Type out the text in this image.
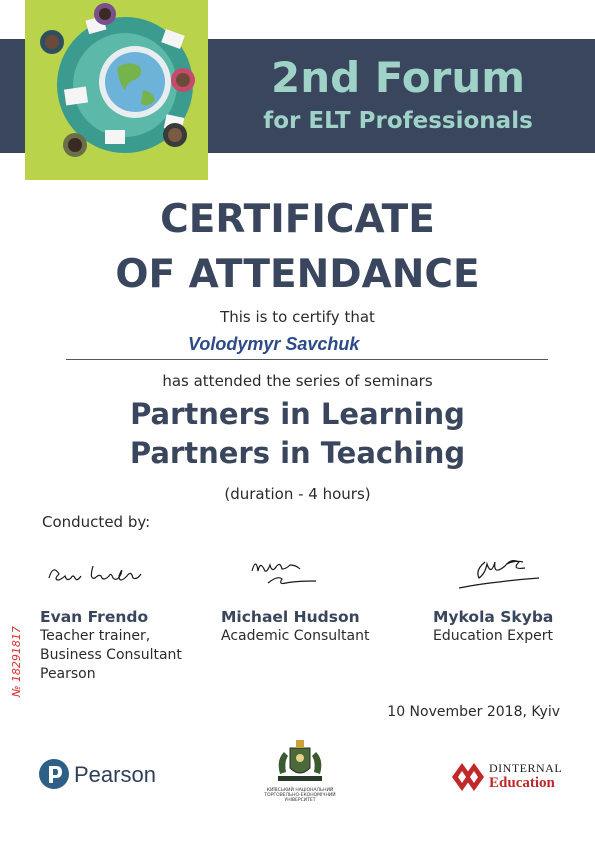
2nd Forum
for ELT Professionals
CERTIFICATE
OF ATTENDANCE
This is to certify that
Volodymyr Savchuk
has attended the series of seminars
Partners in Learning
Partners in Teaching
(duration - 4 hours)
Conducted by:
Evan Frendo
Teacher trainer,
Business Consultant
Pearson
Michael Hudson
Academic Consultant
Mykola Skyba
Education Expert
№ 18291817
10 November 2018, Kyiv
Pearson
КИЇВСЬКИЙ НАЦІОНАЛЬНИЙ ТОРГОВЕЛЬНО-ЕКОНОМІЧНИЙ УНІВЕРСИТЕТ
DINTERNAL
Education
